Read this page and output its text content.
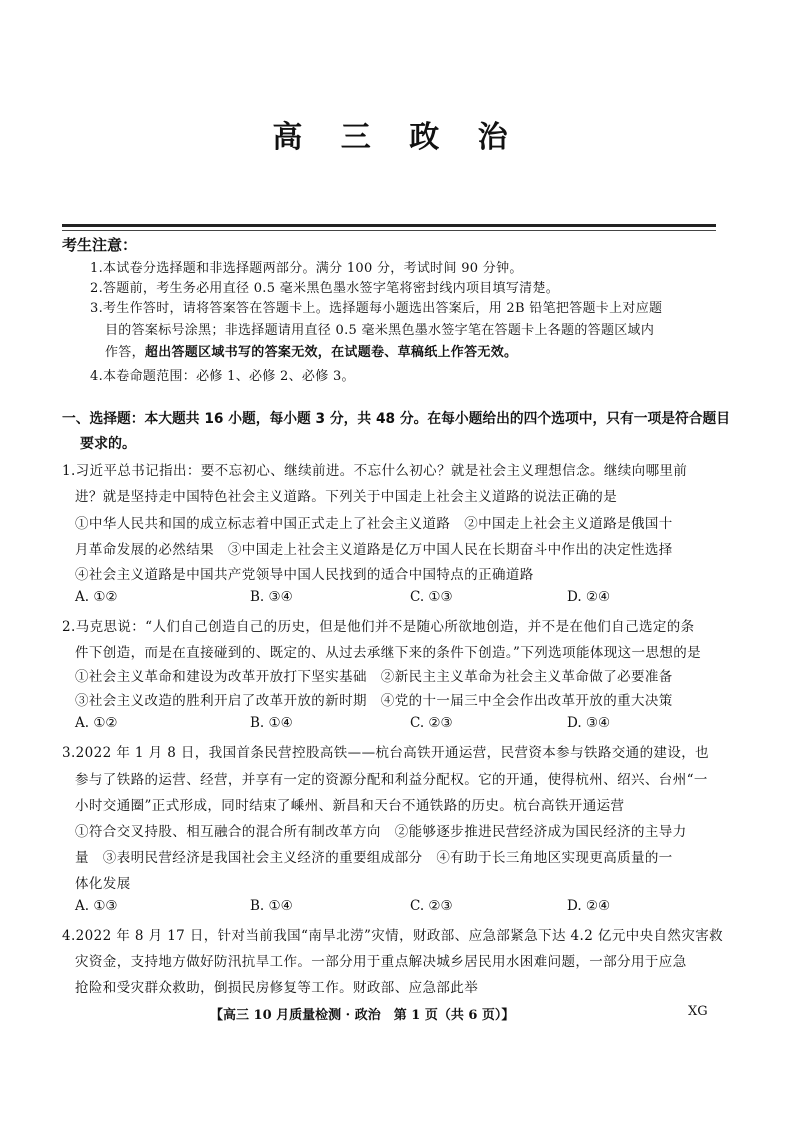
高 三 政 治
考生注意：
1.本试卷分选择题和非选择题两部分。满分 100 分，考试时间 90 分钟。
2.答题前，考生务必用直径 0.5 毫米黑色墨水签字笔将密封线内项目填写清楚。
3.考生作答时，请将答案答在答题卡上。选择题每小题选出答案后，用 2B 铅笔把答题卡上对应题
目的答案标号涂黑；非选择题请用直径 0.5 毫米黑色墨水签字笔在答题卡上各题的答题区域内
作答，超出答题区域书写的答案无效，在试题卷、草稿纸上作答无效。
4.本卷命题范围：必修 1、必修 2、必修 3。
一、选择题：本大题共 16 小题，每小题 3 分，共 48 分。在每小题给出的四个选项中，只有一项是符合题目
要求的。
1.习近平总书记指出：要不忘初心、继续前进。不忘什么初心？就是社会主义理想信念。继续向哪里前
进？就是坚持走中国特色社会主义道路。下列关于中国走上社会主义道路的说法正确的是
①中华人民共和国的成立标志着中国正式走上了社会主义道路　②中国走上社会主义道路是俄国十
月革命发展的必然结果　③中国走上社会主义道路是亿万中国人民在长期奋斗中作出的决定性选择
④社会主义道路是中国共产党领导中国人民找到的适合中国特点的正确道路
A. ①②	B. ③④	C. ①③	D. ②④
2.马克思说：“人们自己创造自己的历史，但是他们并不是随心所欲地创造，并不是在他们自己选定的条
件下创造，而是在直接碰到的、既定的、从过去承继下来的条件下创造。”下列选项能体现这一思想的是
①社会主义革命和建设为改革开放打下坚实基础　②新民主主义革命为社会主义革命做了必要准备
③社会主义改造的胜利开启了改革开放的新时期　④党的十一届三中全会作出改革开放的重大决策
A. ①②	B. ①④	C. ②③	D. ③④
3.2022 年 1 月 8 日，我国首条民营控股高铁——杭台高铁开通运营，民营资本参与铁路交通的建设，也
参与了铁路的运营、经营，并享有一定的资源分配和利益分配权。它的开通，使得杭州、绍兴、台州“一
小时交通圈”正式形成，同时结束了嵊州、新昌和天台不通铁路的历史。杭台高铁开通运营
①符合交叉持股、相互融合的混合所有制改革方向　②能够逐步推进民营经济成为国民经济的主导力
量　③表明民营经济是我国社会主义经济的重要组成部分　④有助于长三角地区实现更高质量的一
体化发展
A. ①③	B. ①④	C. ②③	D. ②④
4.2022 年 8 月 17 日，针对当前我国“南旱北涝”灾情，财政部、应急部紧急下达 4.2 亿元中央自然灾害救
灾资金，支持地方做好防汛抗旱工作。一部分用于重点解决城乡居民用水困难问题，一部分用于应急
抢险和受灾群众救助，倒损民房修复等工作。财政部、应急部此举
【高三 10 月质量检测 · 政治　第 1 页（共 6 页）】	XG
